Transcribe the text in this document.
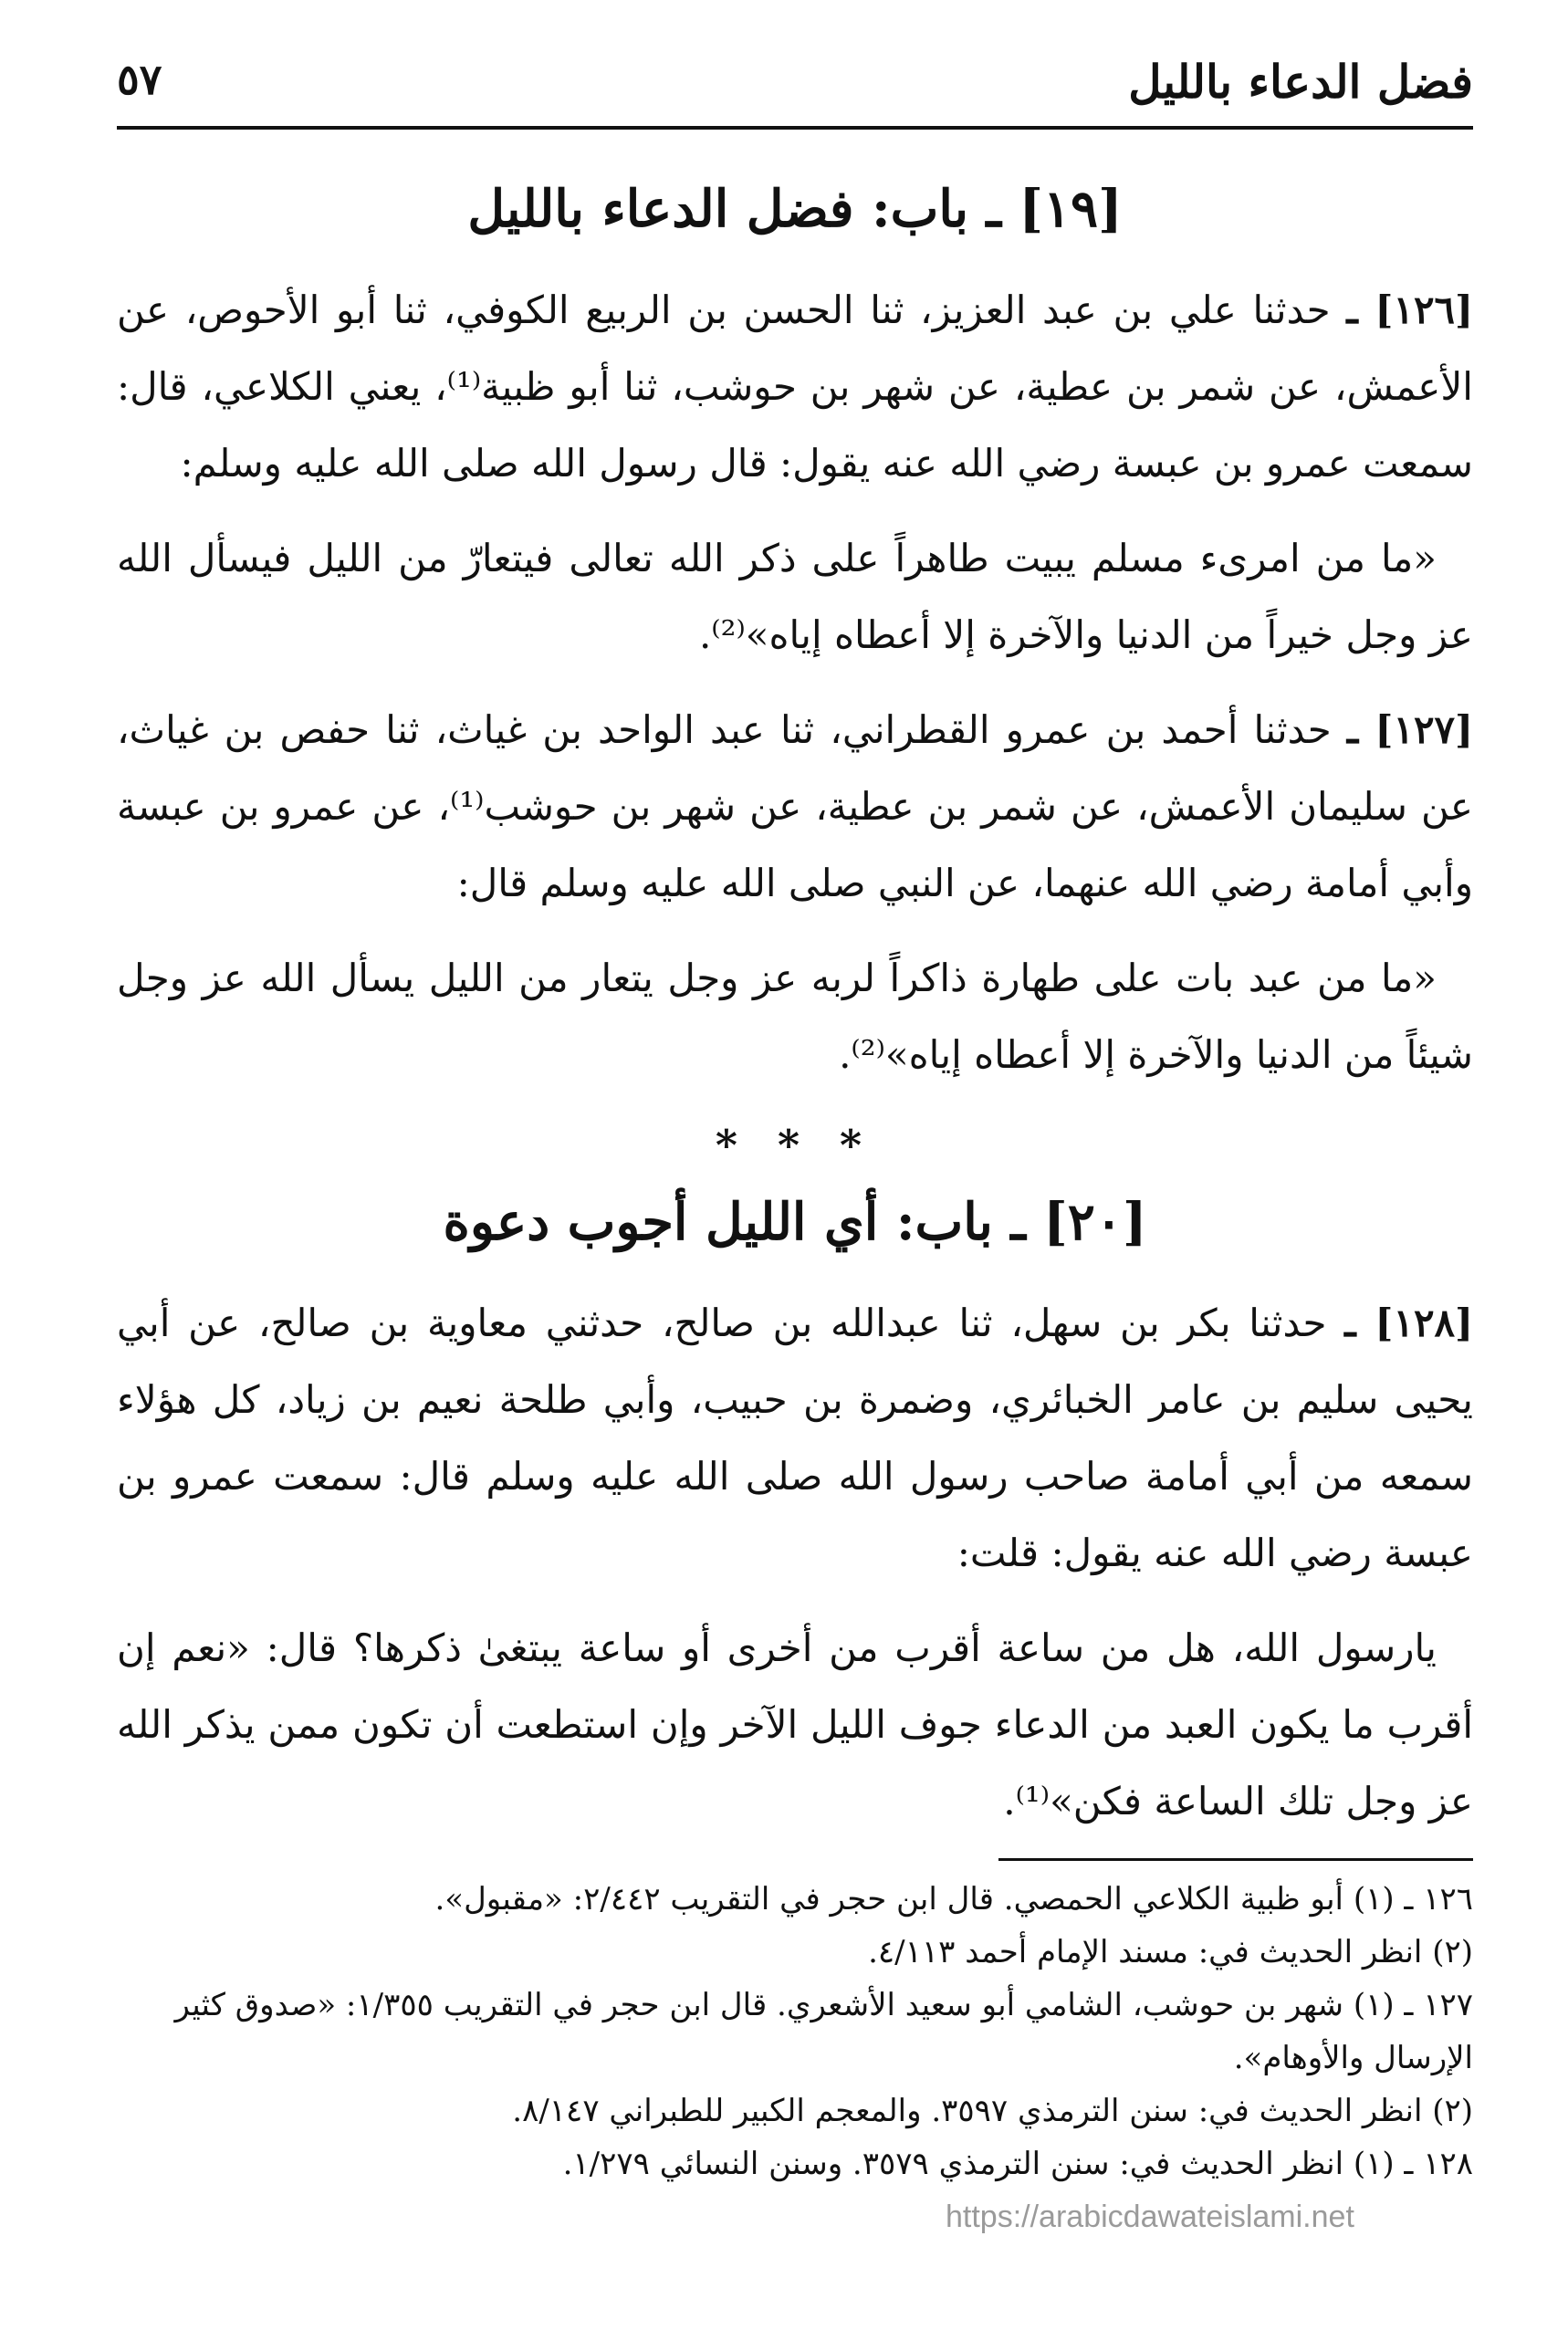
فضل الدعاء بالليل
٥٧
[١٩] ـ باب: فضل الدعاء بالليل

[١٢٦] ـ حدثنا علي بن عبد العزيز، ثنا الحسن بن الربيع الكوفي، ثنا أبو الأحوص، عن الأعمش، عن شمر بن عطية، عن شهر بن حوشب، ثنا أبو ظبية⁽¹⁾، يعني الكلاعي، قال: سمعت عمرو بن عبسة رضي الله عنه يقول: قال رسول الله صلى الله عليه وسلم:

«ما من امرىء مسلم يبيت طاهراً على ذكر الله تعالى فيتعارّ من الليل فيسأل الله عز وجل خيراً من الدنيا والآخرة إلا أعطاه إياه»⁽²⁾.

[١٢٧] ـ حدثنا أحمد بن عمرو القطراني، ثنا عبد الواحد بن غياث، ثنا حفص بن غياث، عن سليمان الأعمش، عن شمر بن عطية، عن شهر بن حوشب⁽¹⁾، عن عمرو بن عبسة وأبي أمامة رضي الله عنهما، عن النبي صلى الله عليه وسلم قال:

«ما من عبد بات على طهارة ذاكراً لربه عز وجل يتعار من الليل يسأل الله عز وجل شيئاً من الدنيا والآخرة إلا أعطاه إياه»⁽²⁾.

* * *
[٢٠] ـ باب: أي الليل أجوب دعوة

[١٢٨] ـ حدثنا بكر بن سهل، ثنا عبدالله بن صالح، حدثني معاوية بن صالح، عن أبي يحيى سليم بن عامر الخبائري، وضمرة بن حبيب، وأبي طلحة نعيم بن زياد، كل هؤلاء سمعه من أبي أمامة صاحب رسول الله صلى الله عليه وسلم قال: سمعت عمرو بن عبسة رضي الله عنه يقول: قلت:

يارسول الله، هل من ساعة أقرب من أخرى أو ساعة يبتغىٰ ذكرها؟ قال: «نعم إن أقرب ما يكون العبد من الدعاء جوف الليل الآخر وإن استطعت أن تكون ممن يذكر الله عز وجل تلك الساعة فكن»⁽¹⁾.

١٢٦ ـ (١) أبو ظبية الكلاعي الحمصي. قال ابن حجر في التقريب ٢/٤٤٢: «مقبول».

(٢) انظر الحديث في: مسند الإمام أحمد ٤/١١٣.

١٢٧ ـ (١) شهر بن حوشب، الشامي أبو سعيد الأشعري. قال ابن حجر في التقريب ١/٣٥٥: «صدوق كثير

الإرسال والأوهام».

(٢) انظر الحديث في: سنن الترمذي ٣٥٩٧. والمعجم الكبير للطبراني ٨/١٤٧.

١٢٨ ـ (١) انظر الحديث في: سنن الترمذي ٣٥٧٩. وسنن النسائي ١/٢٧٩.

https://arabicdawateislami.net
